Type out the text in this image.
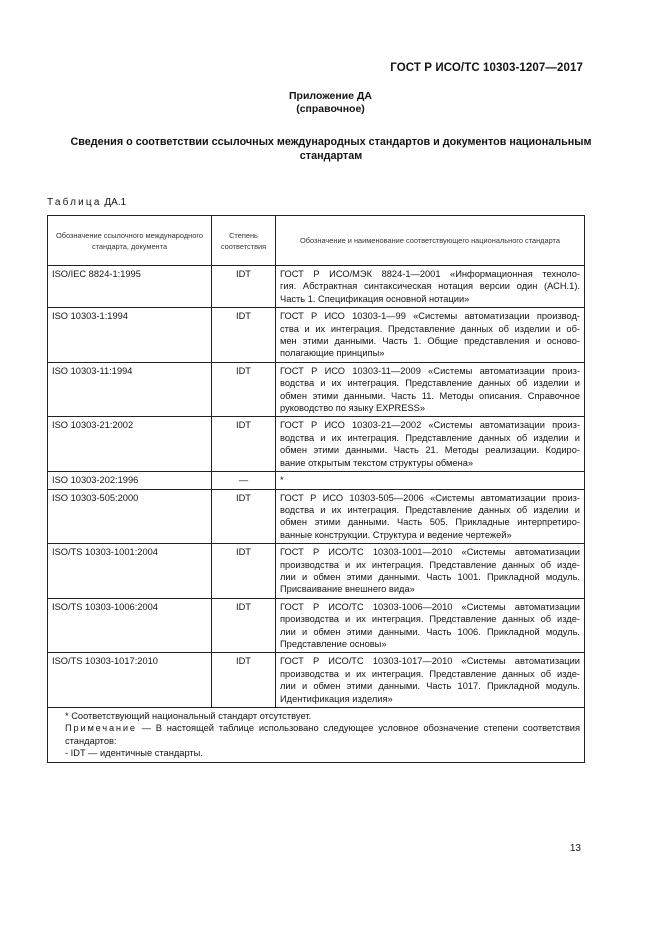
ГОСТ Р ИСО/ТС 10303-1207—2017
Приложение ДА
(справочное)
Сведения о соответствии ссылочных международных стандартов и документов национальным стандартам
Таблица ДА.1
Обозначение ссылочного международного стандарта, документа	Степень соответствия	Обозначение и наименование соответствующего национального стандарта
ISO/IEC 8824-1:1995	IDT	ГОСТ Р ИСО/МЭК 8824-1—2001 «Информационная техноло-
гия. Абстрактная синтаксическая нотация версии один (АСН.1).
Часть 1. Спецификация основной нотации»

ISO 10303-1:1994	IDT	ГОСТ Р ИСО 10303-1—99 «Системы автоматизации производ-
ства и их интеграция. Представление данных об изделии и об-
мен этими данными. Часть 1. Общие представления и осново-
полагающие принципы»

ISO 10303-11:1994	IDT	ГОСТ Р ИСО 10303-11—2009 «Системы автоматизации произ-
водства и их интеграция. Представление данных об изделии и
обмен этими данными. Часть 11. Методы описания. Справочное
руководство по языку EXPRESS»

ISO 10303-21:2002	IDT	ГОСТ Р ИСО 10303-21—2002 «Системы автоматизации произ-
водства и их интеграция. Представление данных об изделии и
обмен этими данными. Часть 21. Методы реализации. Кодиро-
вание открытым текстом структуры обмена»

ISO 10303-202:1996	—	*

ISO 10303-505:2000	IDT	ГОСТ Р ИСО 10303-505—2006 «Системы автоматизации произ-
водства и их интеграция. Представление данных об изделии и
обмен этими данными. Часть 505. Прикладные интерпретиро-
ванные конструкции. Структура и ведение чертежей»

ISO/TS 10303-1001:2004	IDT	ГОСТ Р ИСО/ТС 10303-1001—2010 «Системы автоматизации
производства и их интеграция. Представление данных об изде-
лии и обмен этими данными. Часть 1001. Прикладной модуль.
Присваивание внешнего вида»

ISO/TS 10303-1006:2004	IDT	ГОСТ Р ИСО/ТС 10303-1006—2010 «Системы автоматизации
производства и их интеграция. Представление данных об изде-
лии и обмен этими данными. Часть 1006. Прикладной модуль.
Представление основы»

ISO/TS 10303-1017:2010	IDT	ГОСТ Р ИСО/ТС 10303-1017—2010 «Системы автоматизации
производства и их интеграция. Представление данных об изде-
лии и обмен этими данными. Часть 1017. Прикладной модуль.
Идентификация изделия»

* Соответствующий национальный стандарт отсутствует.
Примечание — В настоящей таблице использовано следующее условное обозначение степени соответствия стандартов:
- IDT — идентичные стандарты.		
13
